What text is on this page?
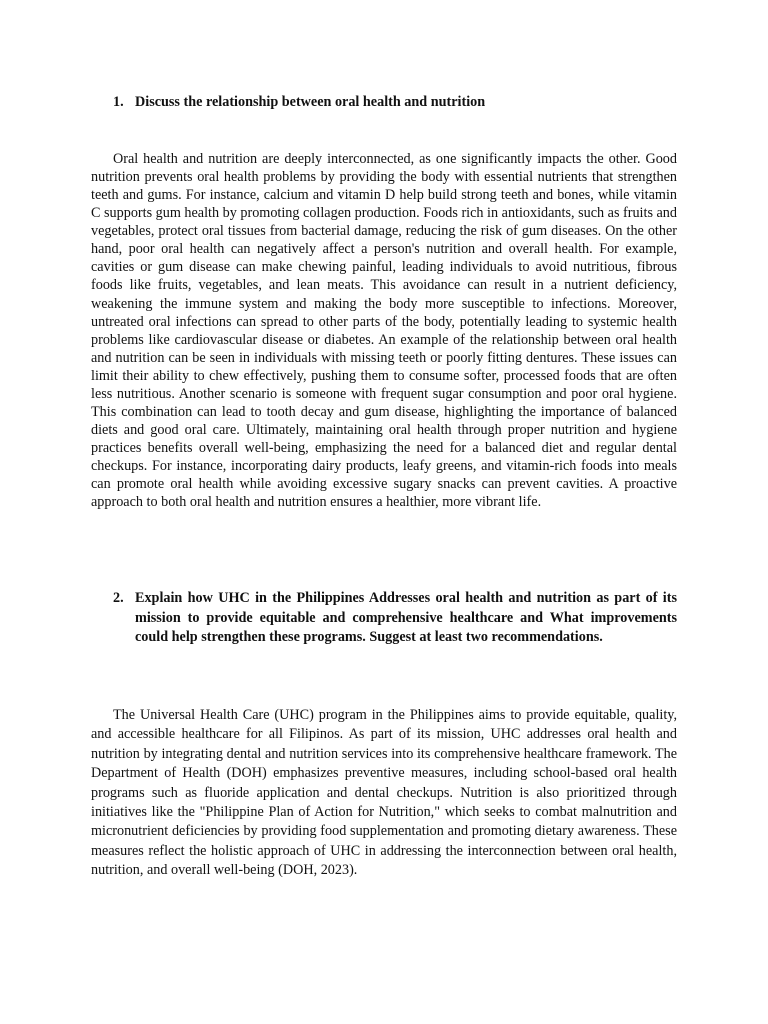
1. Discuss the relationship between oral health and nutrition

Oral health and nutrition are deeply interconnected, as one significantly impacts the other. Good nutrition prevents oral health problems by providing the body with essential nutrients that strengthen teeth and gums. For instance, calcium and vitamin D help build strong teeth and bones, while vitamin C supports gum health by promoting collagen production. Foods rich in antioxidants, such as fruits and vegetables, protect oral tissues from bacterial damage, reducing the risk of gum diseases. On the other hand, poor oral health can negatively affect a person's nutrition and overall health. For example, cavities or gum disease can make chewing painful, leading individuals to avoid nutritious, fibrous foods like fruits, vegetables, and lean meats. This avoidance can result in a nutrient deficiency, weakening the immune system and making the body more susceptible to infections. Moreover, untreated oral infections can spread to other parts of the body, potentially leading to systemic health problems like cardiovascular disease or diabetes. An example of the relationship between oral health and nutrition can be seen in individuals with missing teeth or poorly fitting dentures. These issues can limit their ability to chew effectively, pushing them to consume softer, processed foods that are often less nutritious. Another scenario is someone with frequent sugar consumption and poor oral hygiene. This combination can lead to tooth decay and gum disease, highlighting the importance of balanced diets and good oral care. Ultimately, maintaining oral health through proper nutrition and hygiene practices benefits overall well-being, emphasizing the need for a balanced diet and regular dental checkups. For instance, incorporating dairy products, leafy greens, and vitamin-rich foods into meals can promote oral health while avoiding excessive sugary snacks can prevent cavities. A proactive approach to both oral health and nutrition ensures a healthier, more vibrant life.

2. Explain how UHC in the Philippines Addresses oral health and nutrition as part of its mission to provide equitable and comprehensive healthcare and What improvements could help strengthen these programs. Suggest at least two recommendations.

The Universal Health Care (UHC) program in the Philippines aims to provide equitable, quality, and accessible healthcare for all Filipinos. As part of its mission, UHC addresses oral health and nutrition by integrating dental and nutrition services into its comprehensive healthcare framework. The Department of Health (DOH) emphasizes preventive measures, including school-based oral health programs such as fluoride application and dental checkups. Nutrition is also prioritized through initiatives like the "Philippine Plan of Action for Nutrition," which seeks to combat malnutrition and micronutrient deficiencies by providing food supplementation and promoting dietary awareness. These measures reflect the holistic approach of UHC in addressing the interconnection between oral health, nutrition, and overall well-being (DOH, 2023).
